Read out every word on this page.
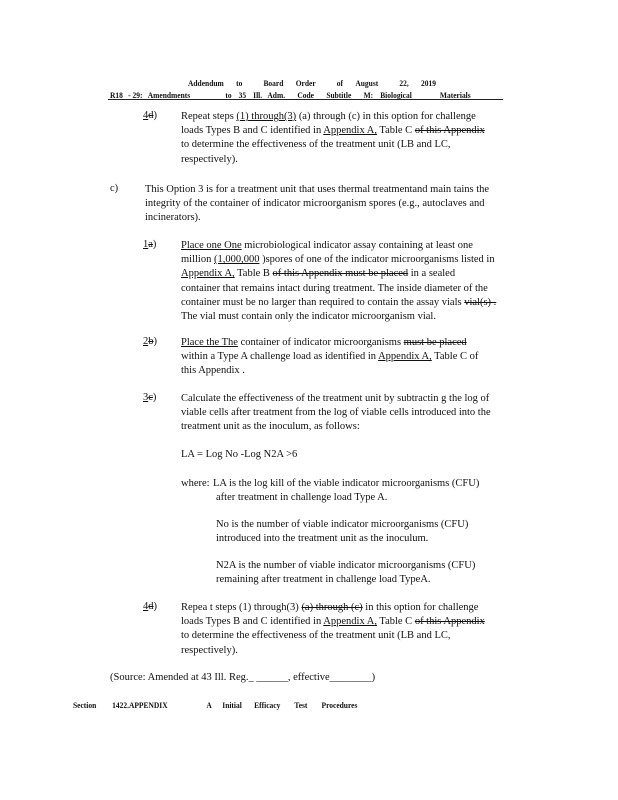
Addendum to Board Order of August 22, 2019
R18 - 29: Amendments	to 35 Ill. Adm. Code Subtitle M: Biological	Materials
4d) Repeat steps (1) through(3) (a) through (c) in this option for challenge
loads Types B and C identified in Appendix A, Table C of this Appendix
to determine the effectiveness of the treatment unit (LB and LC,
respectively).
c)	This Option 3 is for a treatment unit that uses thermal treatmentand main tains the
integrity of the container of indicator microorganism spores (e.g., autoclaves and
incinerators).
1a) Place one One microbiological indicator assay containing at least one
million (1,000,000 )spores of one of the indicator microorganisms listed in
Appendix A, Table B of this Appendix must be placed in a sealed
container that remains intact during treatment. The inside diameter of the
container must be no larger than required to contain the assay vials vial(s) .
The vial must contain only the indicator microorganism vial.
2b) Place the The container of indicator microorganisms must be placed
within a Type A challenge load as identified in Appendix A, Table C of
this Appendix .
3c) Calculate the effectiveness of the treatment unit by subtractin g the log of
viable cells after treatment from the log of viable cells introduced into the
treatment unit as the inoculum, as follows:
LA = Log No -Log N2A >6
where: LA is the log kill of the viable indicator microorganisms (CFU)
after treatment in challenge load Type A.
No is the number of viable indicator microorganisms (CFU)
introduced into the treatment unit as the inoculum.
N2A is the number of viable indicator microorganisms (CFU)
remaining after treatment in challenge load TypeA.
4d) Repea t steps (1) through(3) (a) through (c) in this option for challenge
loads Types B and C identified in Appendix A, Table C of this Appendix
to determine the effectiveness of the treatment unit (LB and LC,
respectively).
(Source: Amended at 43 Ill. Reg._ ______, effective________)
Section 1422.APPENDIX	A Initial Efficacy Test Procedures
